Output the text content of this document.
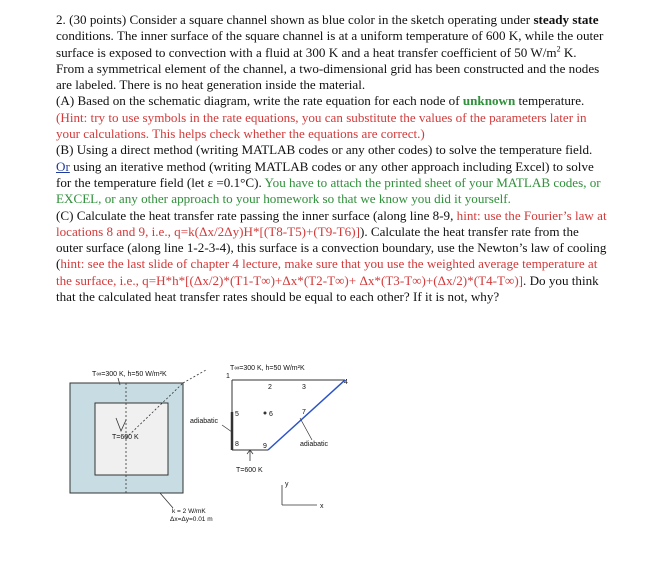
2. (30 points) Consider a square channel shown as blue color in the sketch operating under steady state conditions. The inner surface of the square channel is at a uniform temperature of 600 K, while the outer surface is exposed to convection with a fluid at 300 K and a heat transfer coefficient of 50 $W/m^2$ K. From a symmetrical element of the channel, a two-dimensional grid has been constructed and the nodes are labeled. There is no heat generation inside the material.

(A) Based on the schematic diagram, write the rate equation for each node of unknown temperature. (Hint: try to use symbols in the rate equations, you can substitute the values of the parameters later in your calculations. This helps check whether the equations are correct.)

(B) Using a direct method (writing MATLAB codes or any other codes) to solve the temperature field. Or using an iterative method (writing MATLAB codes or any other approach including Excel) to solve for the temperature field (let ε =0.1°C). You have to attach the printed sheet of your MATLAB codes, or EXCEL, or any other approach to your homework so that we know you did it yourself.

(C) Calculate the heat transfer rate passing the inner surface (along line 8-9, hint: use the Fourier’s law at locations 8 and 9, i.e., q=k(Δx/2Δy)H*[(T8-T5)+(T9-T6)]). Calculate the heat transfer rate from the outer surface (along line 1-2-3-4), this surface is a convection boundary, use the Newton’s law of cooling (hint: see the last slide of chapter 4 lecture, make sure that you use the weighted average temperature at the surface, i.e., q=H*h*[(Δx/2)*(T1-T∞)+Δx*(T2-T∞)+ Δx*(T3-T∞)+(Δx/2)*(T4-T∞)]. Do you think that the calculated heat transfer rates should be equal to each other? If it is not, why?

T∞=300 K, h=50 W/m²K
T=600 K
k = 2 W/mK
Δx=Δy=0.01 m
T∞=300 K, h=50 W/m²K
1
2	3
4
5	6	7
8	9
adiabatic
adiabatic
T=600 K
y
x
